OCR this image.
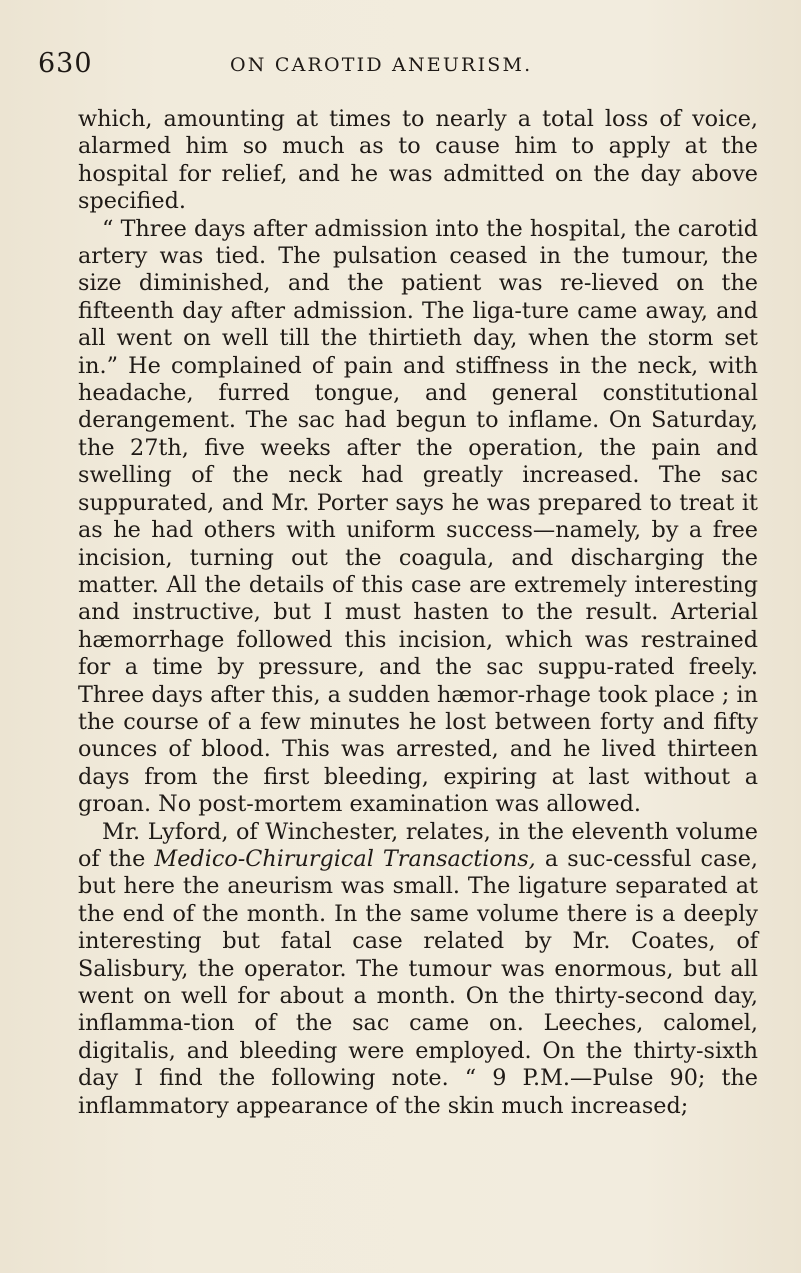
630	ON CAROTID ANEURISM.

which, amounting at times to nearly a total loss of voice, alarmed him so much as to cause him to apply at the hospital for relief, and he was admitted on the day above specified.

“ Three days after admission into the hospital, the carotid artery was tied. The pulsation ceased in the tumour, the size diminished, and the patient was re-lieved on the fifteenth day after admission. The liga-ture came away, and all went on well till the thirtieth day, when the storm set in.” He complained of pain and stiffness in the neck, with headache, furred tongue, and general constitutional derangement. The sac had begun to inflame. On Saturday, the 27th, five weeks after the operation, the pain and swelling of the neck had greatly increased. The sac suppurated, and Mr. Porter says he was prepared to treat it as he had others with uniform success—namely, by a free incision, turning out the coagula, and discharging the matter. All the details of this case are extremely interesting and instructive, but I must hasten to the result. Arterial hæmorrhage followed this incision, which was restrained for a time by pressure, and the sac suppu-rated freely. Three days after this, a sudden hæmor-rhage took place ; in the course of a few minutes he lost between forty and fifty ounces of blood. This was arrested, and he lived thirteen days from the first bleeding, expiring at last without a groan. No post-mortem examination was allowed.

Mr. Lyford, of Winchester, relates, in the eleventh volume of the Medico-Chirurgical Transactions, a suc-cessful case, but here the aneurism was small. The ligature separated at the end of the month. In the same volume there is a deeply interesting but fatal case related by Mr. Coates, of Salisbury, the operator. The tumour was enormous, but all went on well for about a month. On the thirty-second day, inflamma-tion of the sac came on. Leeches, calomel, digitalis, and bleeding were employed. On the thirty-sixth day I find the following note. “ 9 P.M.—Pulse 90; the inflammatory appearance of the skin much increased;
